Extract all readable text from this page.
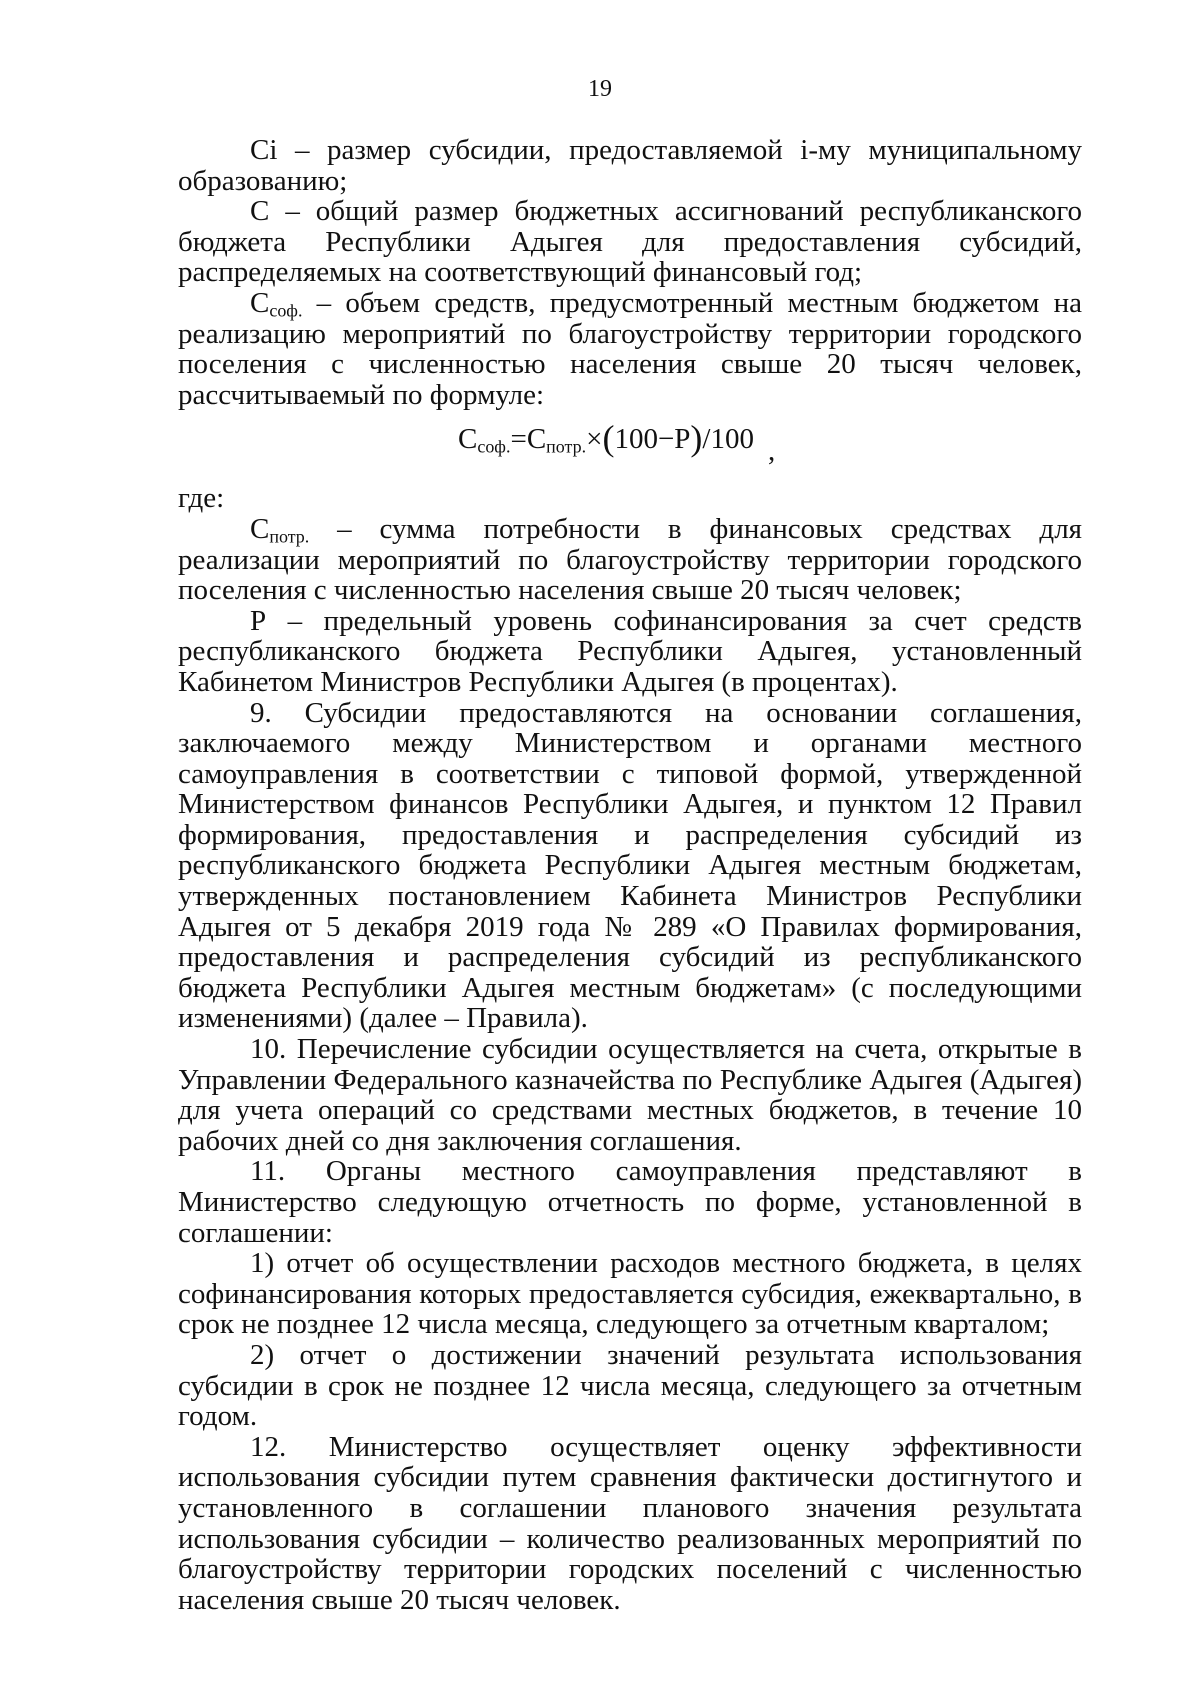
19

Ci – размер субсидии, предоставляемой i-му муниципальному образованию;

С – общий размер бюджетных ассигнований республиканского бюджета Республики Адыгея для предоставления субсидий, распределяемых на соответствующий финансовый год;

$С_{соф.}$ – объем средств, предусмотренный местным бюджетом на реализацию мероприятий по благоустройству территории городского поселения с численностью населения свыше 20 тысяч человек, рассчитываемый по формуле:

$С_{соф.}=С_{потр.}\times(100-Р)/100$ ,

где:

$С_{потр.}$ – сумма потребности в финансовых средствах для реализации мероприятий по благоустройству территории городского поселения с численностью населения свыше 20 тысяч человек;

Р – предельный уровень софинансирования за счет средств республиканского бюджета Республики Адыгея, установленный Кабинетом Министров Республики Адыгея (в процентах).

9. Субсидии предоставляются на основании соглашения, заключаемого между Министерством и органами местного самоуправления в соответствии с типовой формой, утвержденной Министерством финансов Республики Адыгея, и пунктом 12 Правил формирования, предоставления и распределения субсидий из республиканского бюджета Республики Адыгея местным бюджетам, утвержденных постановлением Кабинета Министров Республики Адыгея от 5 декабря 2019 года № 289 «О Правилах формирования, предоставления и распределения субсидий из республиканского бюджета Республики Адыгея местным бюджетам» (с последующими изменениями) (далее – Правила).

10. Перечисление субсидии осуществляется на счета, открытые в Управлении Федерального казначейства по Республике Адыгея (Адыгея) для учета операций со средствами местных бюджетов, в течение 10 рабочих дней со дня заключения соглашения.

11. Органы местного самоуправления представляют в Министерство следующую отчетность по форме, установленной в соглашении:

1) отчет об осуществлении расходов местного бюджета, в целях софинансирования которых предоставляется субсидия, ежеквартально, в срок не позднее 12 числа месяца, следующего за отчетным кварталом;

2) отчет о достижении значений результата использования субсидии в срок не позднее 12 числа месяца, следующего за отчетным годом.

12. Министерство осуществляет оценку эффективности использования субсидии путем сравнения фактически достигнутого и установленного в соглашении планового значения результата использования субсидии – количество реализованных мероприятий по благоустройству территории городских поселений с численностью населения свыше 20 тысяч человек.
